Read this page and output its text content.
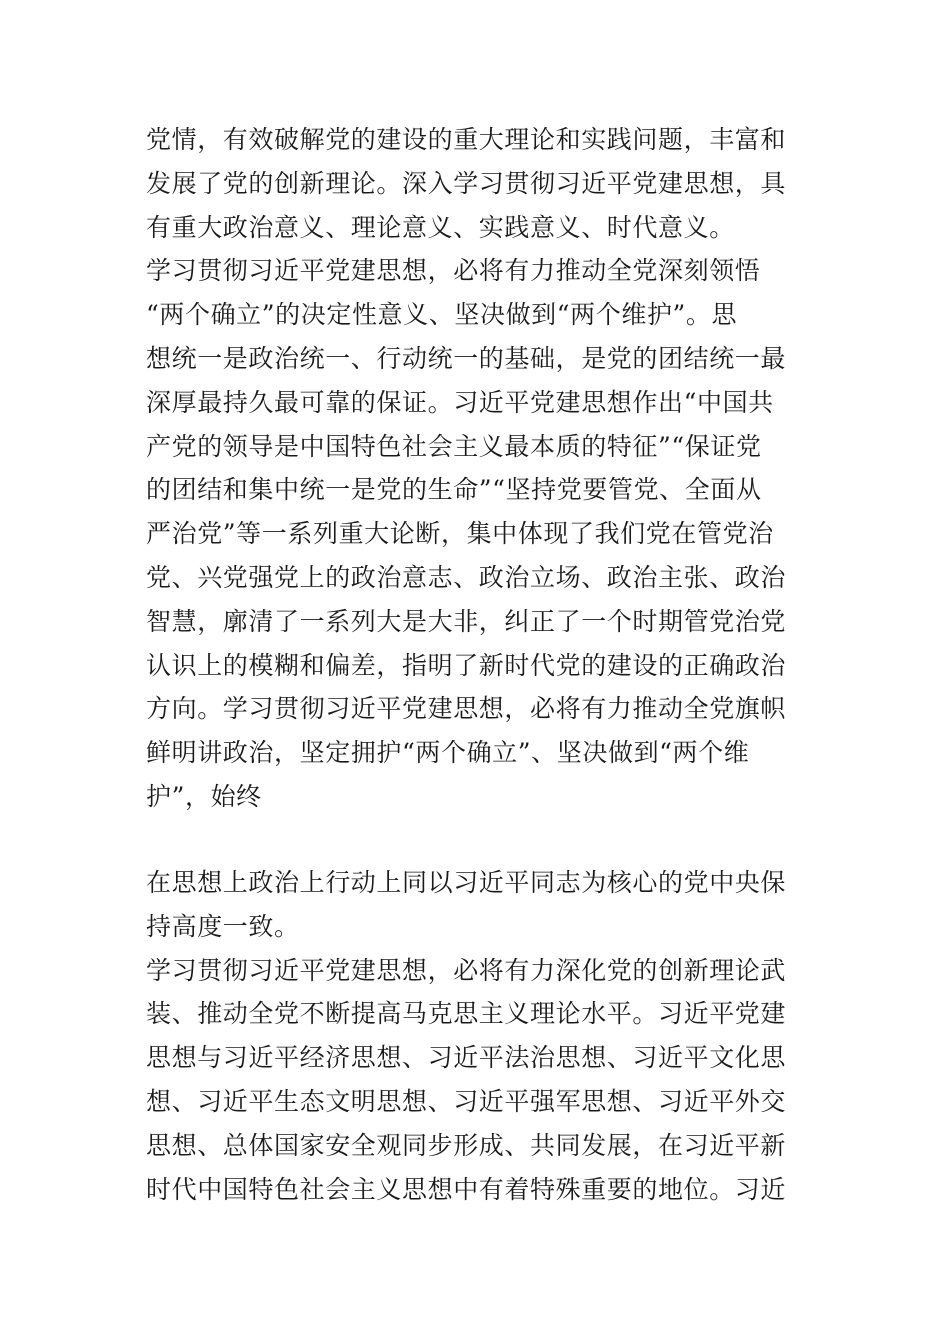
党情，有效破解党的建设的重大理论和实践问题，丰富和
发展了党的创新理论。深入学习贯彻习近平党建思想，具
有重大政治意义、理论意义、实践意义、时代意义。
学习贯彻习近平党建思想，必将有力推动全党深刻领悟
“两个确立”的决定性意义、坚决做到“两个维护”。思
想统一是政治统一、行动统一的基础，是党的团结统一最
深厚最持久最可靠的保证。习近平党建思想作出“中国共
产党的领导是中国特色社会主义最本质的特征”“保证党
的团结和集中统一是党的生命”“坚持党要管党、全面从
严治党”等一系列重大论断，集中体现了我们党在管党治
党、兴党强党上的政治意志、政治立场、政治主张、政治
智慧，廓清了一系列大是大非，纠正了一个时期管党治党
认识上的模糊和偏差，指明了新时代党的建设的正确政治
方向。学习贯彻习近平党建思想，必将有力推动全党旗帜
鲜明讲政治，坚定拥护“两个确立”、坚决做到“两个维
护”，始终
在思想上政治上行动上同以习近平同志为核心的党中央保
持高度一致。
学习贯彻习近平党建思想，必将有力深化党的创新理论武
装、推动全党不断提高马克思主义理论水平。习近平党建
思想与习近平经济思想、习近平法治思想、习近平文化思
想、习近平生态文明思想、习近平强军思想、习近平外交
思想、总体国家安全观同步形成、共同发展，在习近平新
时代中国特色社会主义思想中有着特殊重要的地位。习近
